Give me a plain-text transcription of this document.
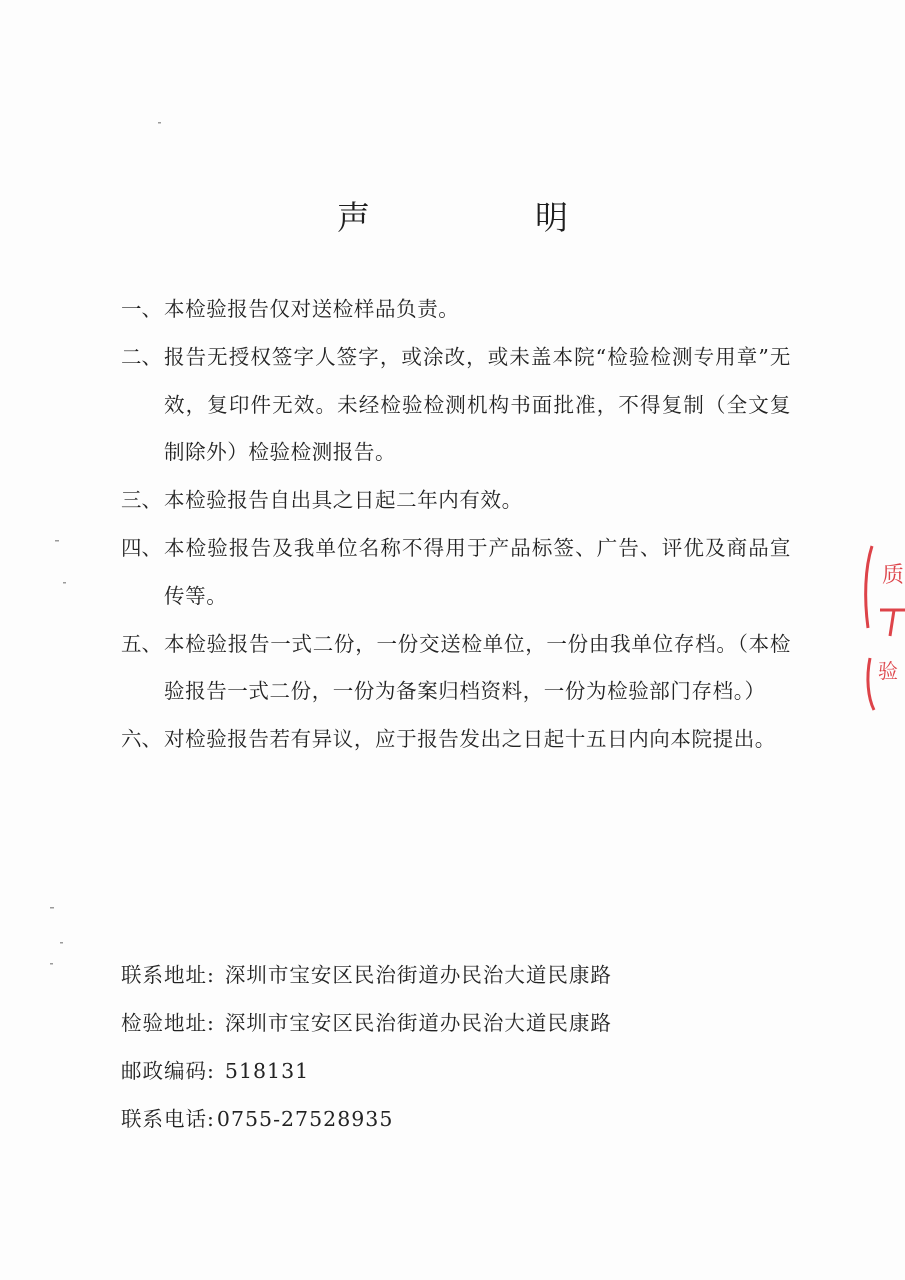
声　明
一、 本检验报告仅对送检样品负责。
二、 报告无授权签字人签字，或涂改，或未盖本院“检验检测专用章”无效，复印件无效。未经检验检测机构书面批准，不得复制（全文复制除外）检验检测报告。
三、 本检验报告自出具之日起二年内有效。
四、 本检验报告及我单位名称不得用于产品标签、广告、评优及商品宣传等。
五、 本检验报告一式二份，一份交送检单位，一份由我单位存档。（本检验报告一式二份，一份为备案归档资料，一份为检验部门存档。）
六、 对检验报告若有异议，应于报告发出之日起十五日内向本院提出。
联系地址: 深圳市宝安区民治街道办民治大道民康路
检验地址: 深圳市宝安区民治街道办民治大道民康路
邮政编码: 518131
联系电话: 0755-27528935
质
验
